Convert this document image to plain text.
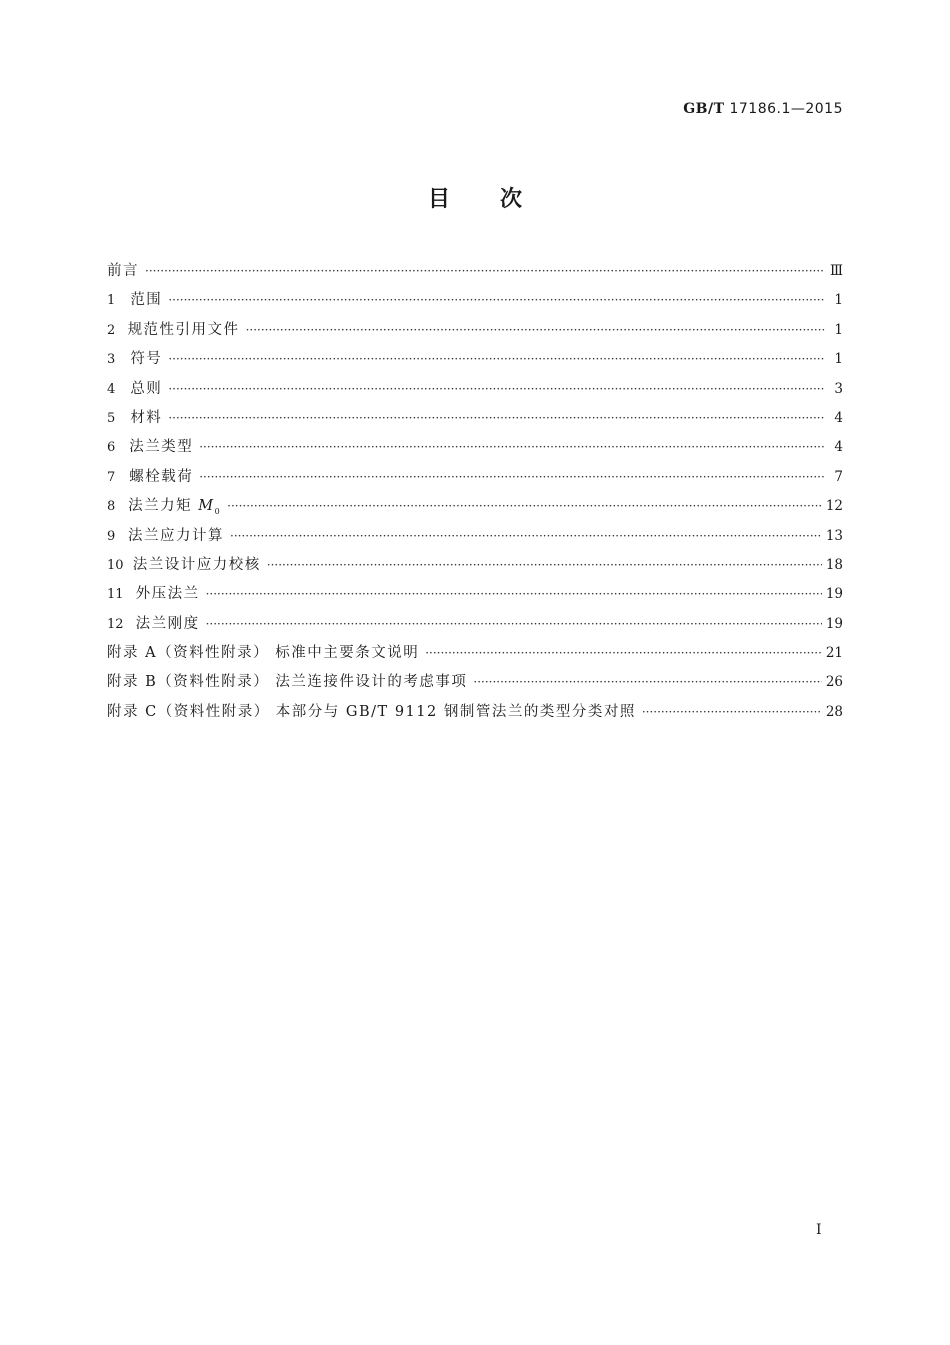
GB/T 17186.1—2015
目次
前言 ·····	Ⅲ
1	范围 ·····	1
2 规范性引用文件 ·····	1
3	符号 ·····	1
4	总则 ·····	3
5	材料 ·····	4
6 法兰类型 ·····	4
7 螺栓载荷 ·····	7
8 法兰力矩 $M_0$ ·····	12
9 法兰应力计算 ·····	13
10 法兰设计应力校核 ·····	18
11 外压法兰 ·····	19
12 法兰刚度 ·····	19
附录 A（资料性附录） 标准中主要条文说明 ·····	21
附录 B（资料性附录） 法兰连接件设计的考虑事项 ·····	26
附录 C（资料性附录） 本部分与 GB/T 9112 钢制管法兰的类型分类对照 ·····	28
I
